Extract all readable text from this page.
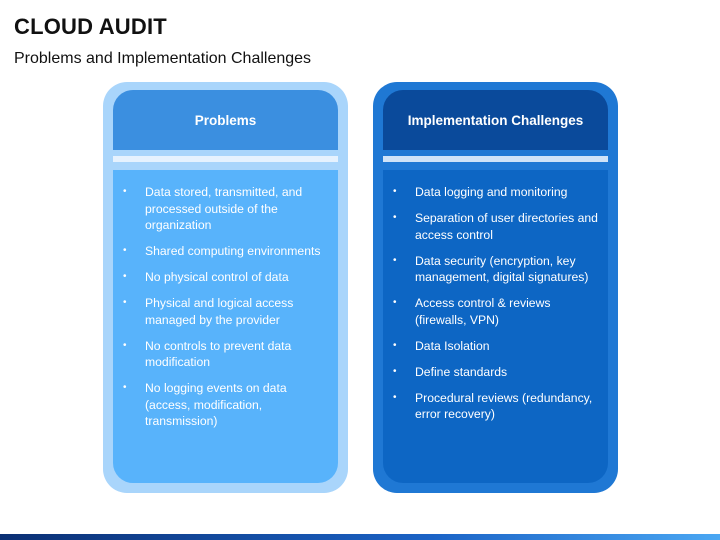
CLOUD AUDIT
Problems and Implementation Challenges
Problems
•	Data stored, transmitted, and processed outside of the organization
•	Shared computing environments
•	No physical control of data
•	Physical and logical access managed by the provider
•	No controls to prevent data modification
•	No logging events on data (access, modification, transmission)
Implementation Challenges
•	Data logging and monitoring
•	Separation of user directories and access control
•	Data security (encryption, key management, digital signatures)
•	Access control & reviews (firewalls, VPN)
•	Data Isolation
•	Define standards
•	Procedural reviews (redundancy, error recovery)
